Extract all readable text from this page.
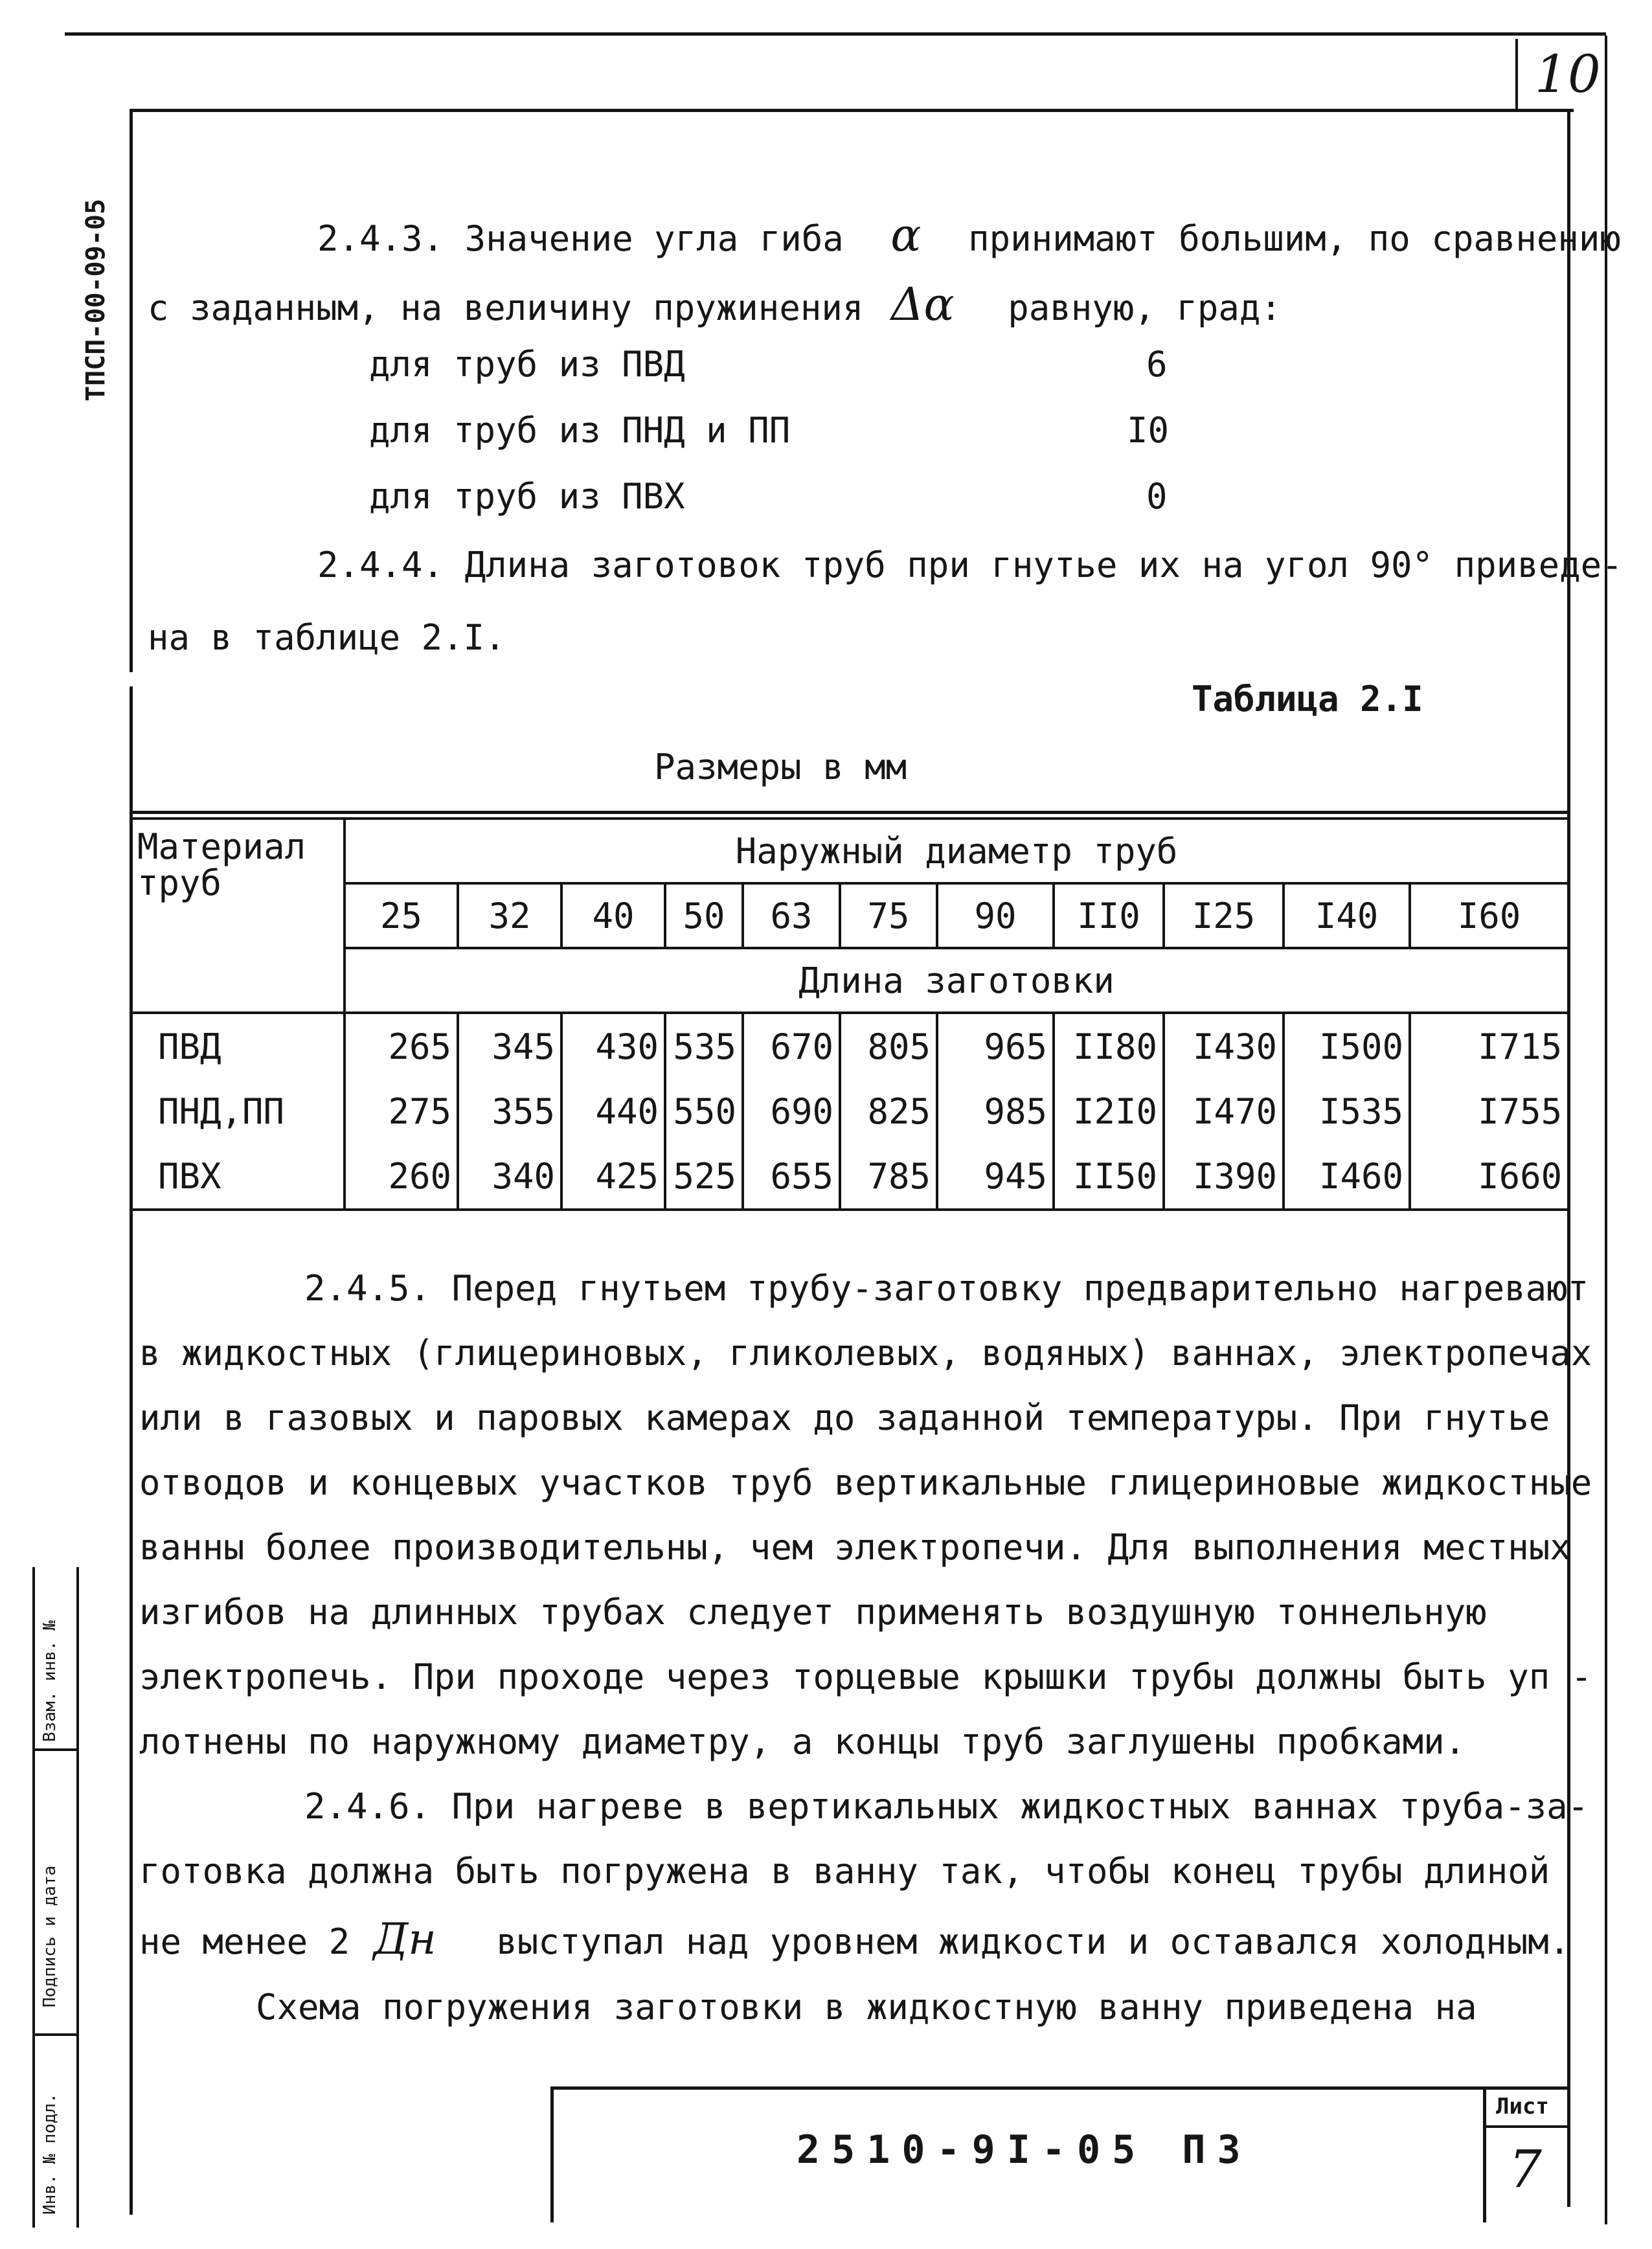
10
ТПСП-00-09-05
Взам. инв. №
Подпись и дата
Инв. № подл.
2.4.3. Значение угла гиба α принимают большим, по сравнению
с заданным, на величину пружинения Δα равную, град:
для труб из ПВД	6
для труб из ПНД и ПП	I0
для труб из ПВХ	0
2.4.4. Длина заготовок труб при гнутье их на угол 90° приведе-
на в таблице 2.I.
Таблица 2.I
Размеры в мм
Материал труб	Наружный диаметр труб										
	25	32	40	50	63	75	90	II0	I25	I40	I60
	Длина заготовки										
ПВД	265	345	430	535	670	805	965	II80	I430	I500	I715
ПНД,ПП	275	355	440	550	690	825	985	I2I0	I470	I535	I755
ПВХ	260	340	425	525	655	785	945	II50	I390	I460	I660
2.4.5. Перед гнутьем трубу-заготовку предварительно нагревают
в жидкостных (глицериновых, гликолевых, водяных) ваннах, электропечах
или в газовых и паровых камерах до заданной температуры. При гнутье
отводов и концевых участков труб вертикальные глицериновые жидкостные
ванны более производительны, чем электропечи. Для выполнения местных
изгибов на длинных трубах следует применять воздушную тоннельную
электропечь. При проходе через торцевые крышки трубы должны быть уп -
лотнены по наружному диаметру, а концы труб заглушены пробками.
2.4.6. При нагреве в вертикальных жидкостных ваннах труба-за-
готовка должна быть погружена в ванну так, чтобы конец трубы длиной
не менее 2 Дн выступал над уровнем жидкости и оставался холодным.
Схема погружения заготовки в жидкостную ванну приведена на
2510-9I-05 ПЗ
Лист
7
